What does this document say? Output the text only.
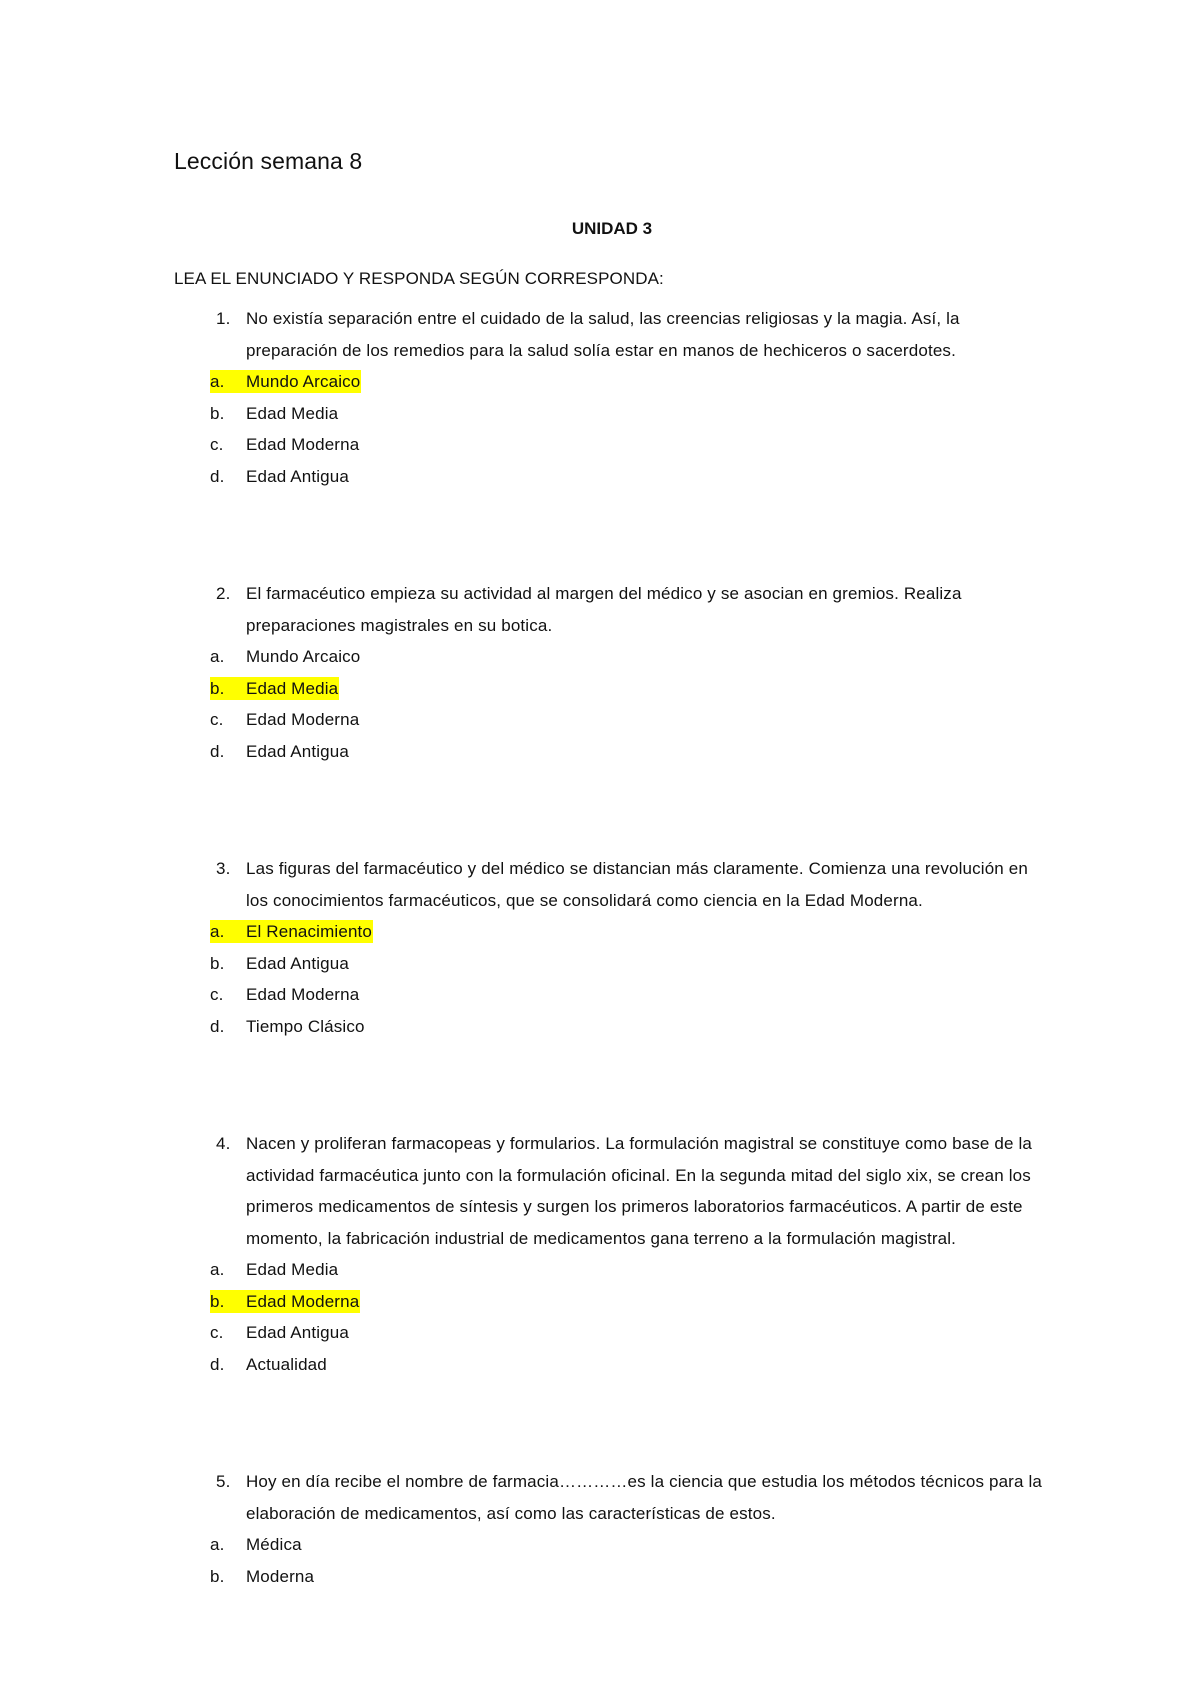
Lección semana 8
UNIDAD 3

LEA EL ENUNCIADO Y RESPONDA SEGÚN CORRESPONDA:

1. No existía separación entre el cuidado de la salud, las creencias religiosas y la magia. Así, la preparación de los remedios para la salud solía estar en manos de hechiceros o sacerdotes.
a. Mundo Arcaico
b. Edad Media
c. Edad Moderna
d. Edad Antigua
2. El farmacéutico empieza su actividad al margen del médico y se asocian en gremios. Realiza preparaciones magistrales en su botica.
a. Mundo Arcaico
b. Edad Media
c. Edad Moderna
d. Edad Antigua
3. Las figuras del farmacéutico y del médico se distancian más claramente. Comienza una revolución en los conocimientos farmacéuticos, que se consolidará como ciencia en la Edad Moderna.
a. El Renacimiento
b. Edad Antigua
c. Edad Moderna
d. Tiempo Clásico
4. Nacen y proliferan farmacopeas y formularios. La formulación magistral se constituye como base de la actividad farmacéutica junto con la formulación oficinal. En la segunda mitad del siglo xix, se crean los primeros medicamentos de síntesis y surgen los primeros laboratorios farmacéuticos. A partir de este momento, la fabricación industrial de medicamentos gana terreno a la formulación magistral.
a. Edad Media
b. Edad Moderna
c. Edad Antigua
d. Actualidad
5. Hoy en día recibe el nombre de farmacia…………es la ciencia que estudia los métodos técnicos para la elaboración de medicamentos, así como las características de estos.
a. Médica
b. Moderna
